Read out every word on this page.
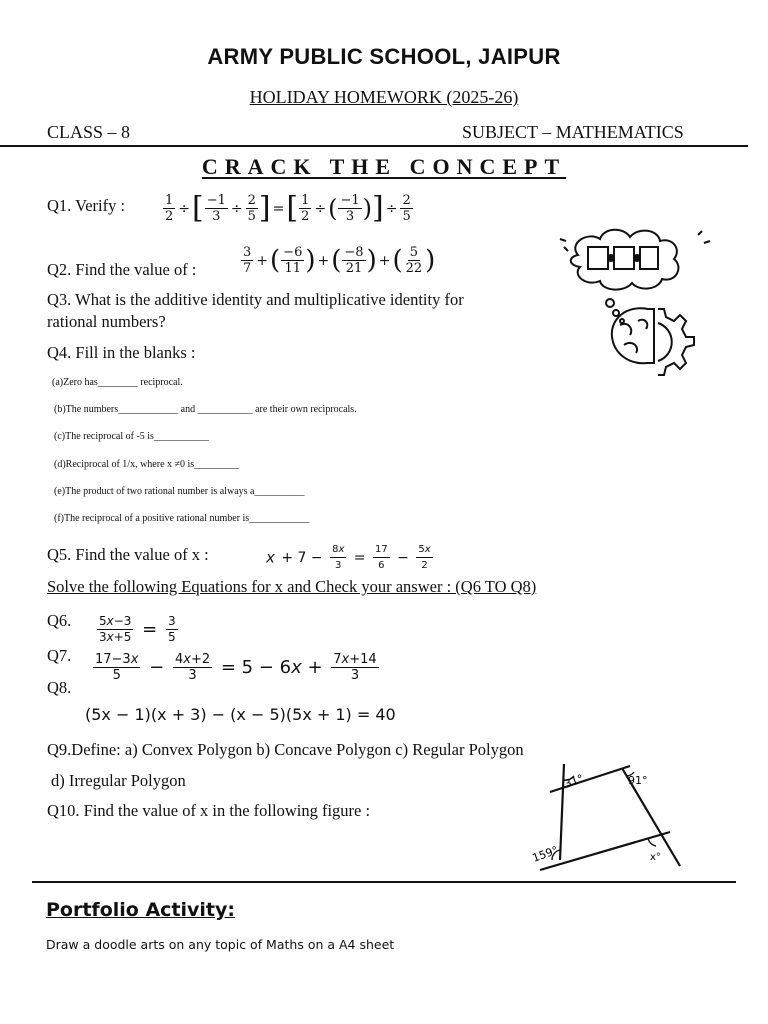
ARMY PUBLIC SCHOOL, JAIPUR
HOLIDAY HOMEWORK (2025-26)
CLASS – 8	SUBJECT – MATHEMATICS
CRACK THE CONCEPT
Q1. Verify :	$\frac{1}{2}$ ÷[ $\frac{-1}{3} \div \frac{2}{5}$ ] =[ $\frac{1}{2}$ ÷( $\frac{-1}{3}$ )] ÷ $\frac{2}{5}$
Q2. Find the value of :	$\frac{3}{7}$ +( $\frac{-6}{11}$ ) +( $\frac{-8}{21}$ ) +( $\frac{5}{22}$ )
Q3. What is the additive identity and multiplicative identity for
rational numbers?
Q4. Fill in the blanks :
(a)Zero has________ reciprocal.
(b)The numbers____________ and ___________ are their own reciprocals.
(c)The reciprocal of -5 is___________
(d)Reciprocal of 1/x, where x ≠0 is_________
(e)The product of two rational number is always a__________
(f)The reciprocal of a positive rational number is____________
Q5. Find the value of x :	$x + 7 - \frac{8x}{3} = \frac{17}{6} - \frac{5x}{2}$
Solve the following Equations for x and Check your answer : (Q6 TO Q8)
Q6. $\frac{5x-3}{3x+5} = \frac{3}{5}$
Q7. $\frac{17-3x}{5} - \frac{4x+2}{3} = 5 - 6x + \frac{7x+14}{3}$
Q8.
(5x − 1)(x + 3) − (x − 5)(5x + 1) = 40
Q9.Define: a) Convex Polygon b) Concave Polygon c) Regular Polygon
d) Irregular Polygon
Q10. Find the value of x in the following figure :
31°	91°
159°	x°
Portfolio Activity:
Draw a doodle arts on any topic of Maths on a A4 sheet
